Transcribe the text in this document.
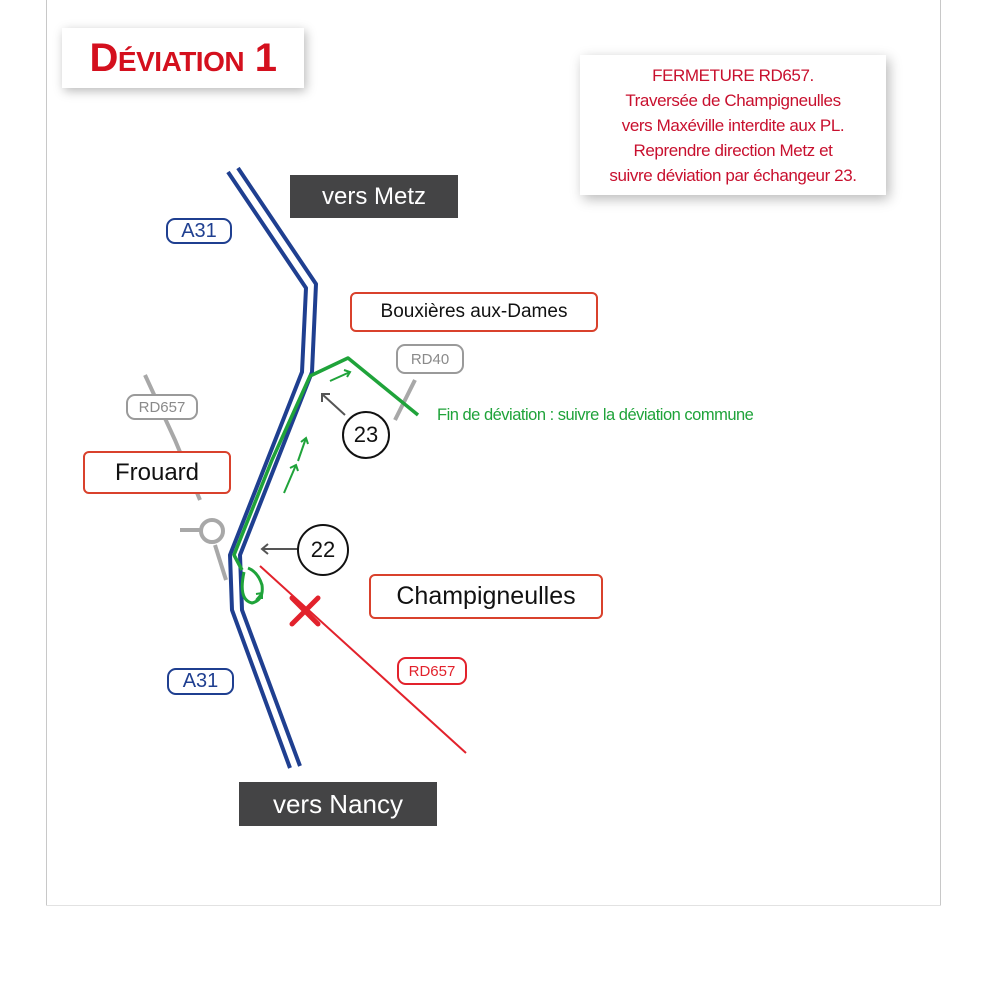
Déviation 1	FERMETURE RD657.
Traversée de Champigneulles
vers Maxéville interdite aux PL.
Reprendre direction Metz et
suivre déviation par échangeur 23.
vers Metz
vers Nancy
A31
A31
RD40
RD657
RD657
Bouxières aux-Dames
Frouard
Champigneulles
23
22
Fin de déviation : suivre la déviation commune
